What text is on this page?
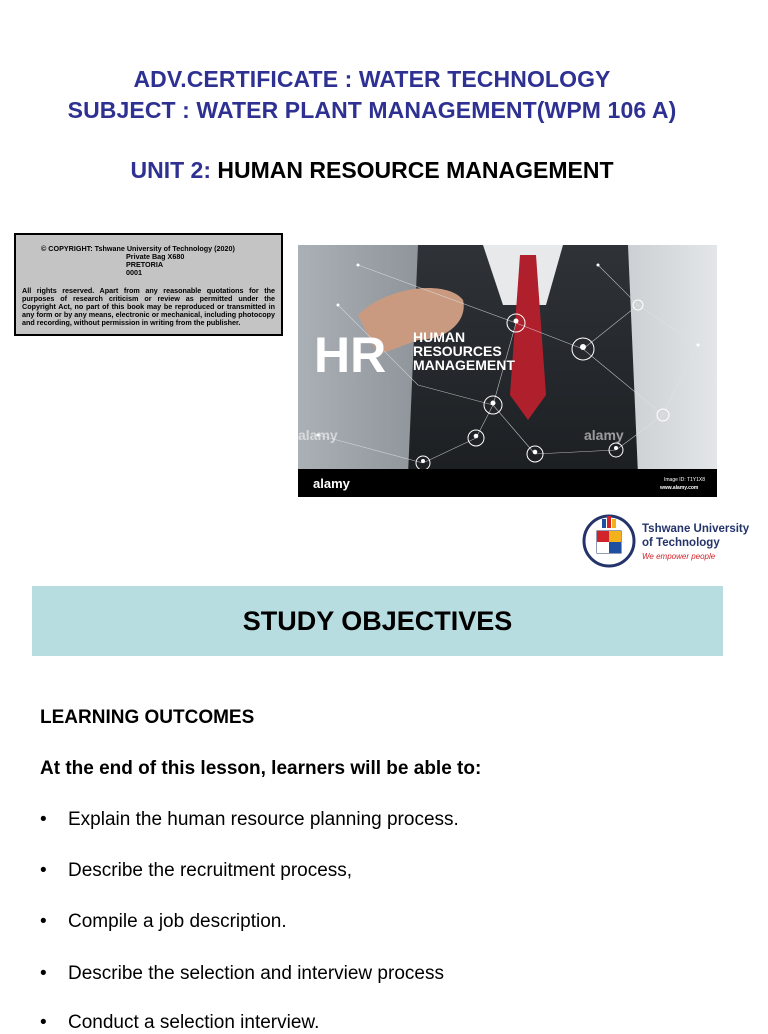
ADV.CERTIFICATE : WATER TECHNOLOGY
SUBJECT : WATER PLANT MANAGEMENT(WPM 106 A)
UNIT 2: HUMAN RESOURCE MANAGEMENT
© COPYRIGHT: Tshwane University of Technology (2020)
Private Bag X680
PRETORIA
0001
All rights reserved. Apart from any reasonable quotations for the purposes of research criticism or review as permitted under the Copyright Act, no part of this book may be reproduced or transmitted in any form or by any means, electronic or mechanical, including photocopy and recording, without permission in writing from the publisher.
HR HUMAN
RESOURCES
MANAGEMENT
alamy	alamy
alamy	Image ID: T1Y1X8
www.alamy.com
Tshwane University
of Technology
We empower people
STUDY OBJECTIVES
LEARNING OUTCOMES
At the end of this lesson, learners will be able to:
• Explain the human resource planning process.
• Describe the recruitment process,
• Compile a job description.
• Describe the selection and interview process
• Conduct a selection interview.
